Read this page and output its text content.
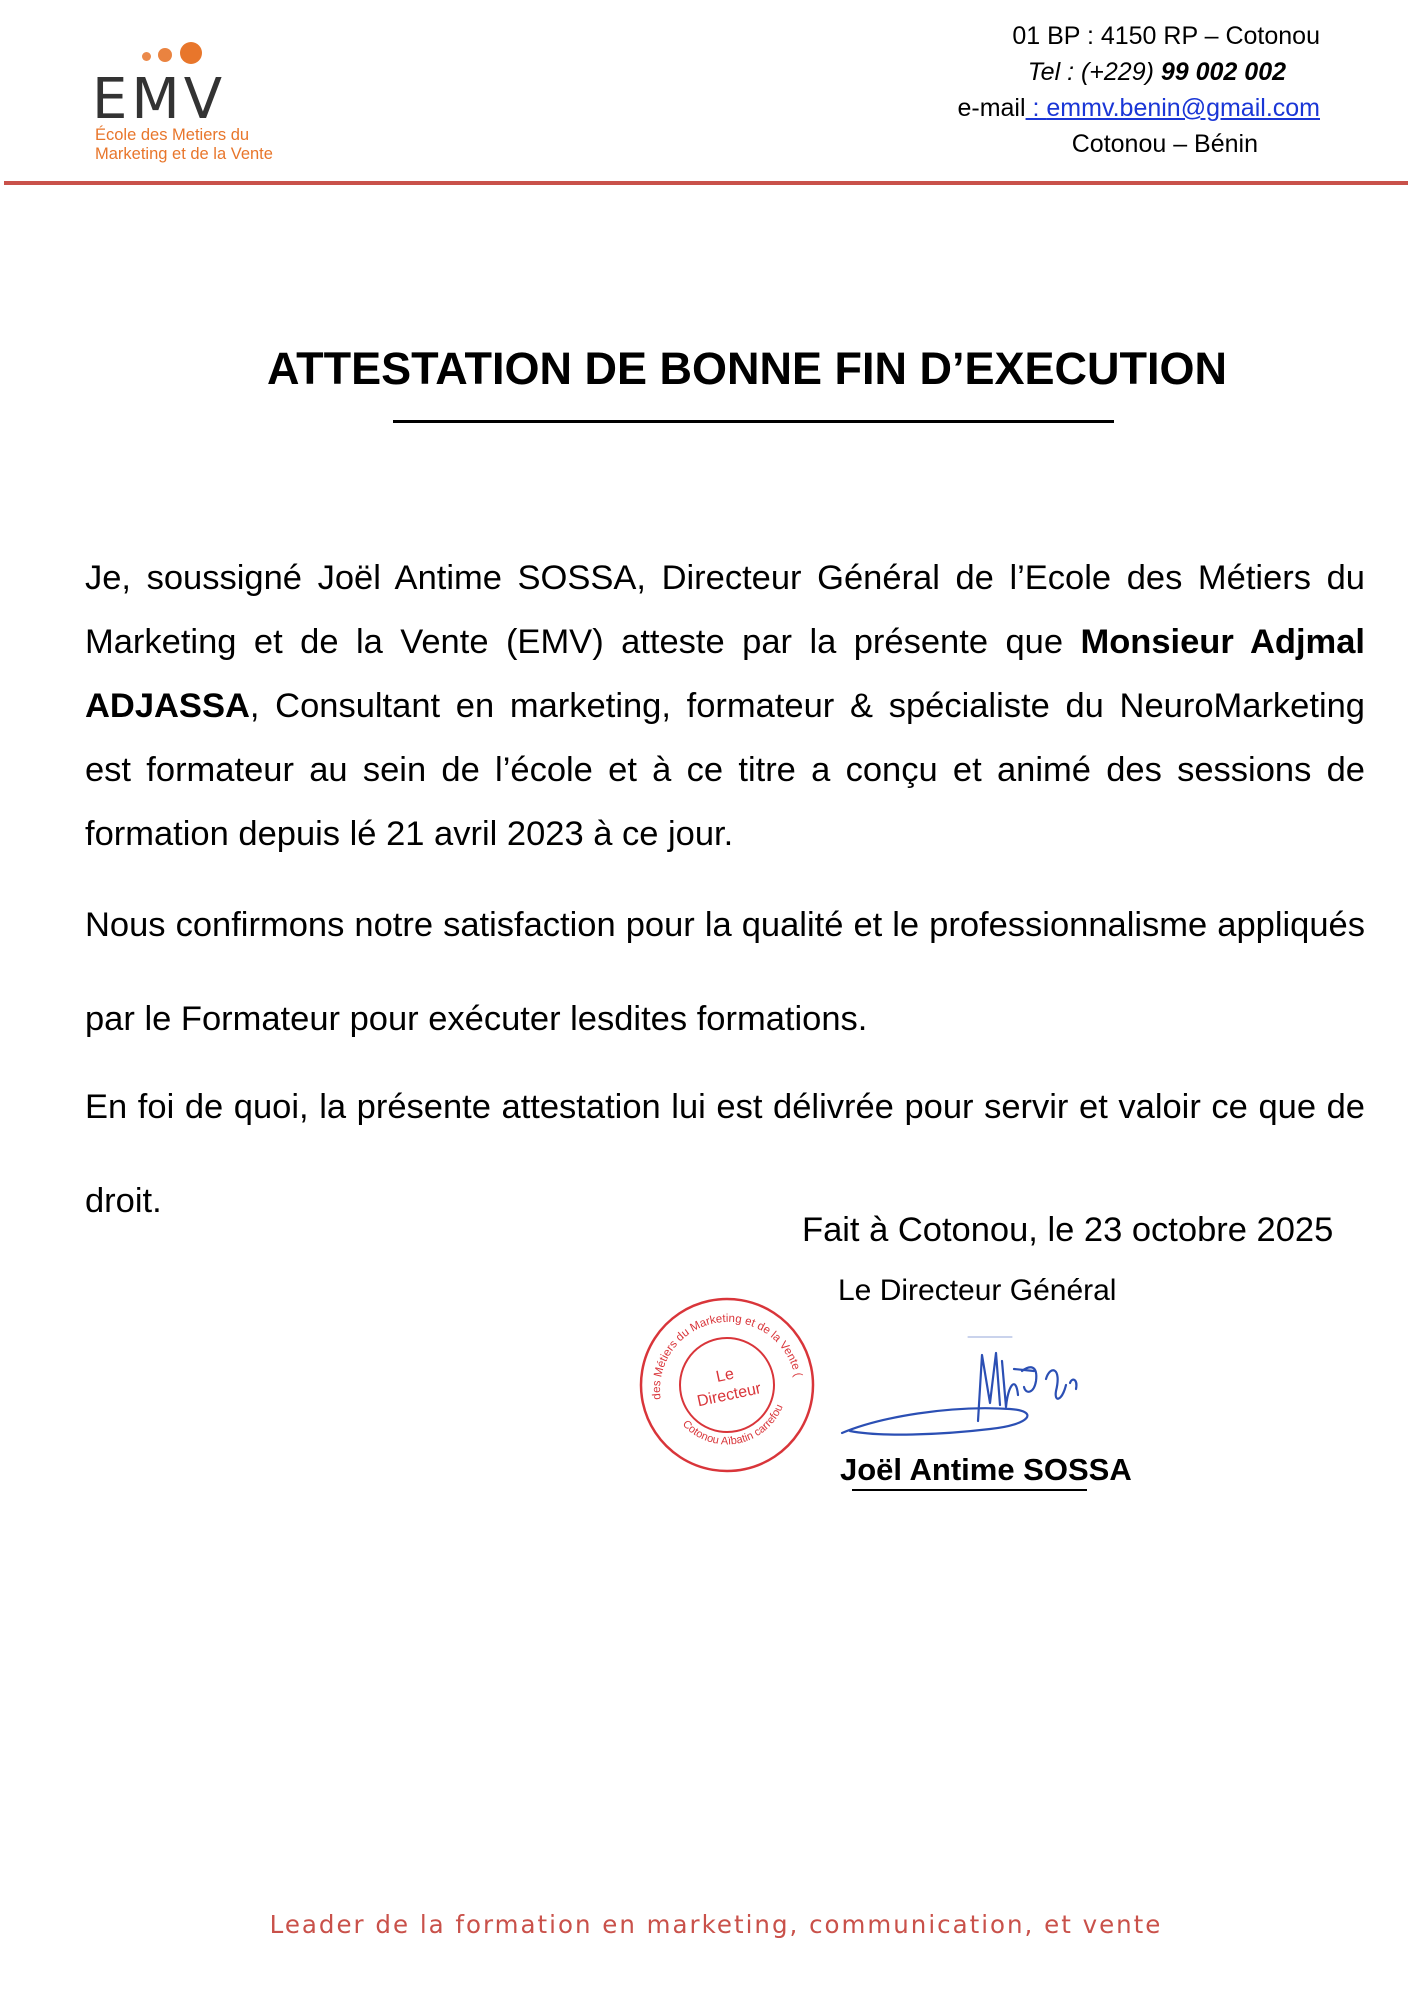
EMV
École des Metiers du
Marketing et de la Vente
01 BP : 4150 RP – Cotonou
Tel : (+229) 99 002 002
e-mail : emmv.benin@gmail.com
Cotonou – Bénin
ATTESTATION DE BONNE FIN D’EXECUTION
Je, soussigné Joël Antime SOSSA, Directeur Général de l’Ecole des Métiers du Marketing et de la Vente (EMV) atteste par la présente que Monsieur Adjmal ADJASSA, Consultant en marketing, formateur & spécialiste du NeuroMarketing est formateur au sein de l’école et à ce titre a conçu et animé des sessions de formation depuis lé 21 avril 2023 à ce jour.
Nous confirmons notre satisfaction pour la qualité et le professionnalisme appliqués par le Formateur pour exécuter lesdites formations.
En foi de quoi, la présente attestation lui est délivrée pour servir et valoir ce que de droit.
Fait à Cotonou, le 23 octobre 2025
Le Directeur Général
des Métiers du Marketing et de la Vente (emv)
Cotonou Aïbatin carrefour
Le
Directeur
Joël Antime SOSSA
Leader de la formation en marketing, communication, et vente
